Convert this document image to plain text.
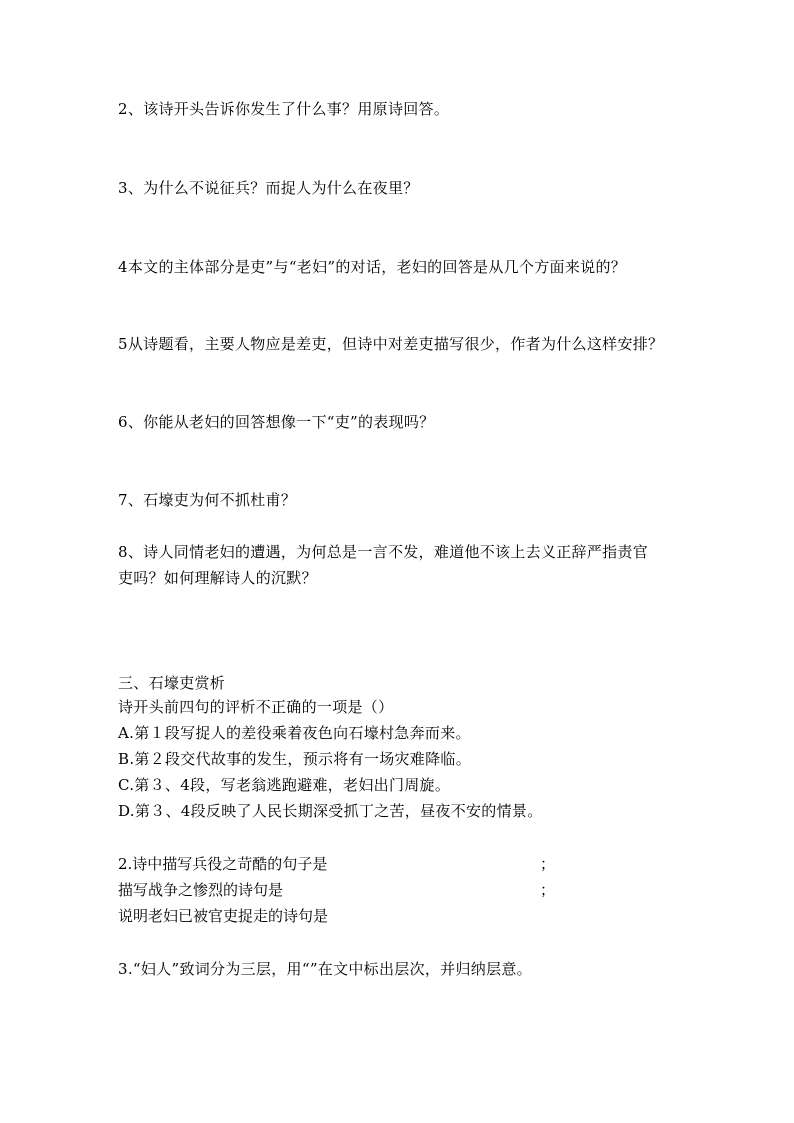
2、该诗开头告诉你发生了什么事？用原诗回答。
3、为什么不说征兵？而捉人为什么在夜里？
4本文的主体部分是吏”与“老妇”的对话，老妇的回答是从几个方面来说的？
5从诗题看，主要人物应是差吏，但诗中对差吏描写很少，作者为什么这样安排？
6、你能从老妇的回答想像一下“吏”的表现吗？
7、石壕吏为何不抓杜甫？
8、诗人同情老妇的遭遇，为何总是一言不发，难道他不该上去义正辞严指责官
吏吗？如何理解诗人的沉默？
三、石壕吏赏析
诗开头前四句的评析不正确的一项是（）
A.第１段写捉人的差役乘着夜色向石壕村急奔而来。
B.第２段交代故事的发生，预示将有一场灾难降临。
C.第３、4段，写老翁逃跑避难，老妇出门周旋。
D.第３、4段反映了人民长期深受抓丁之苦，昼夜不安的情景。
2.诗中描写兵役之苛酷的句子是	；
描写战争之惨烈的诗句是	；
说明老妇已被官吏捉走的诗句是
3.“妇人”致词分为三层，用“”在文中标出层次，并归纳层意。
